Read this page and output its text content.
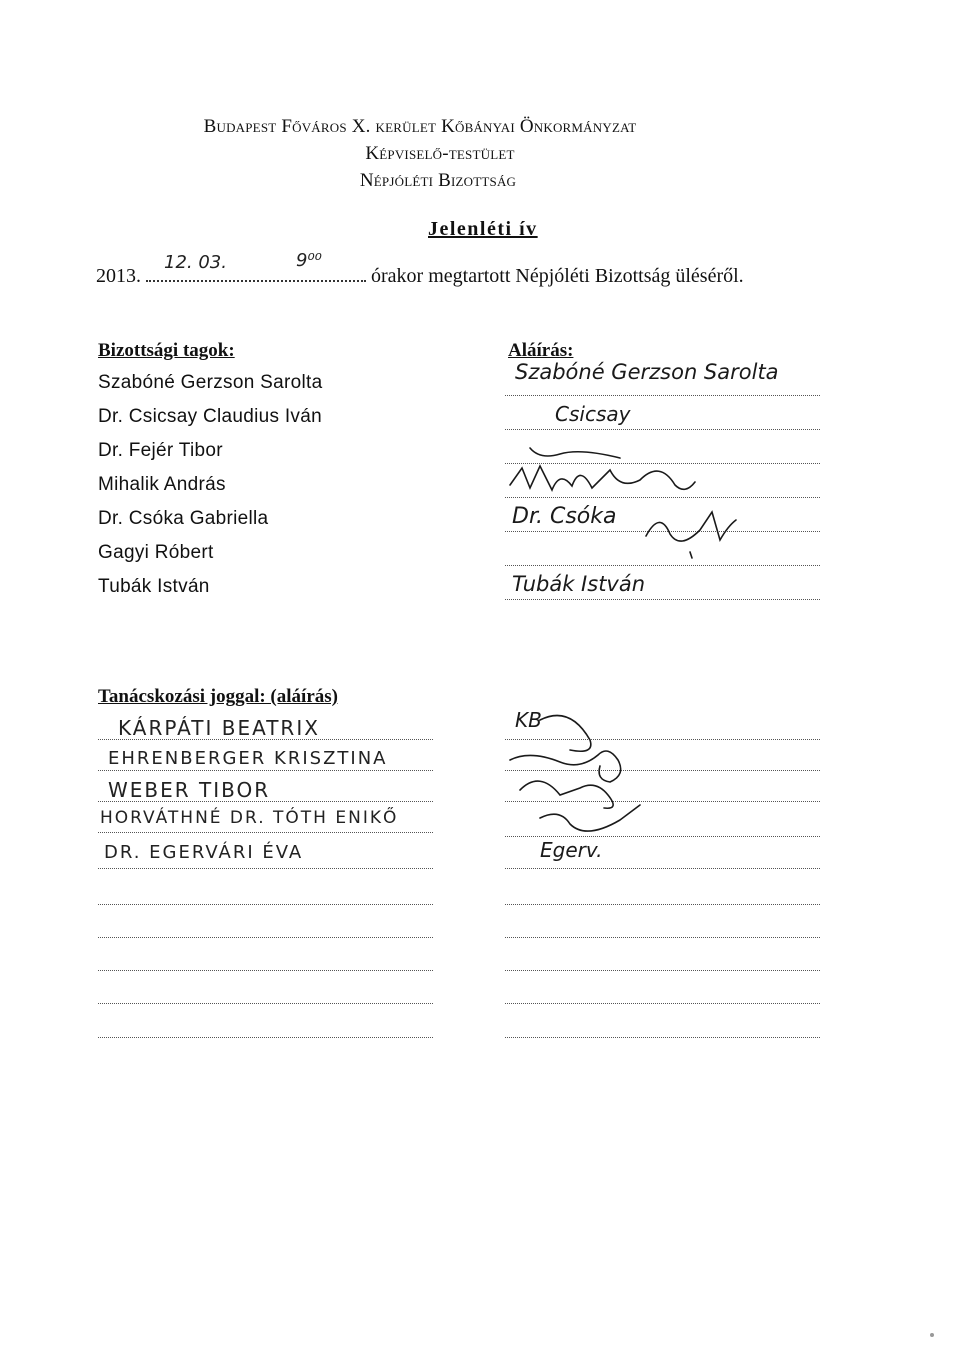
Budapest Főváros X. kerület Kőbányai Önkormányzat
Képviselő-testület
Népjóléti Bizottság
Jelenléti ív
2013.
12. 03.	9⁰⁰
órakor megtartott Népjóléti Bizottság üléséről.
Bizottsági tagok:	Aláírás:
Szabóné Gerzson Sarolta
Dr. Csicsay Claudius Iván
Dr. Fejér Tibor
Mihalik András
Dr. Csóka Gabriella
Gagyi Róbert
Tubák István
Szabóné Gerzson Sarolta
Csicsay
Dr. Csóka
Tubák István
Tanácskozási joggal: (aláírás)
KÁRPÁTI BEATRIX
EHRENBERGER KRISZTINA
WEBER TIBOR
HORVÁTHNÉ DR. TÓTH ENIKŐ
DR. EGERVÁRI ÉVA
KB
Egerv.
